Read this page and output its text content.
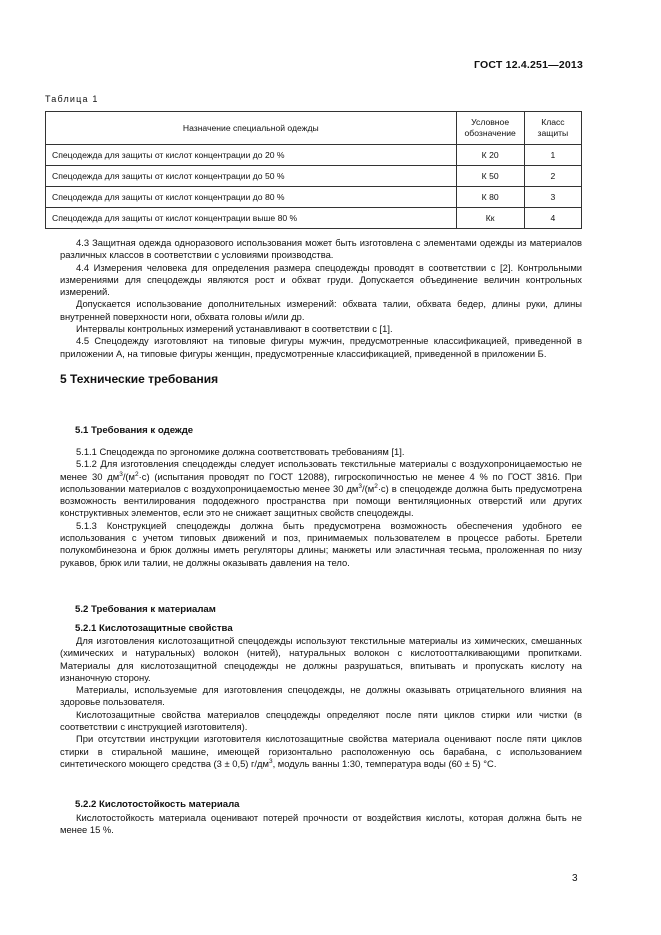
ГОСТ 12.4.251—2013
Таблица 1
Назначение специальной одежды	Условное обозначение	Класс защиты
Спецодежда для защиты от кислот концентрации до 20 %	К 20	1
Спецодежда для защиты от кислот концентрации до 50 %	К 50	2
Спецодежда для защиты от кислот концентрации до 80 %	К 80	3
Спецодежда для защиты от кислот концентрации выше 80 %	Кк	4

4.3 Защитная одежда одноразового использования может быть изготовлена с элементами одежды из материалов различных классов в соответствии с условиями производства.

4.4 Измерения человека для определения размера спецодежды проводят в соответствии с [2]. Контрольными измерениями для спецодежды являются рост и обхват груди. Допускается объединение величин контрольных измерений.

Допускается использование дополнительных измерений: обхвата талии, обхвата бедер, длины руки, длины внутренней поверхности ноги, обхвата головы и/или др.

Интервалы контрольных измерений устанавливают в соответствии с [1].

4.5 Спецодежду изготовляют на типовые фигуры мужчин, предусмотренные классификацией, приведенной в приложении А, на типовые фигуры женщин, предусмотренные классификацией, приведенной в приложении Б.

5 Технические требования
5.1 Требования к одежде

5.1.1 Спецодежда по эргономике должна соответствовать требованиям [1].

5.1.2 Для изготовления спецодежды следует использовать текстильные материалы с воздухопроницаемостью не менее 30 $дм^3/(м^2\cdot с)$ (испытания проводят по ГОСТ 12088), гигроскопичностью не менее 4 % по ГОСТ 3816. При использовании материалов с воздухопроницаемостью менее 30 $дм^3/(м^2\cdot с)$ в спецодежде должна быть предусмотрена возможность вентилирования пододежного пространства при помощи вентиляционных отверстий или других конструктивных элементов, если это не снижает защитных свойств спецодежды.

5.1.3 Конструкцией спецодежды должна быть предусмотрена возможность обеспечения удобного ее использования с учетом типовых движений и поз, принимаемых пользователем в процессе работы. Бретели полукомбинезона и брюк должны иметь регуляторы длины; манжеты или эластичная тесьма, проложенная по низу рукавов, брюк или талии, не должны оказывать давления на тело.

5.2 Требования к материалам
5.2.1 Кислотозащитные свойства

Для изготовления кислотозащитной спецодежды используют текстильные материалы из химических, смешанных (химических и натуральных) волокон (нитей), натуральных волокон с кислотоотталкивающими пропитками. Материалы для кислотозащитной спецодежды не должны разрушаться, впитывать и пропускать кислоту на изнаночную сторону.

Материалы, используемые для изготовления спецодежды, не должны оказывать отрицательного влияния на здоровье пользователя.

Кислотозащитные свойства материалов спецодежды определяют после пяти циклов стирки или чистки (в соответствии с инструкцией изготовителя).

При отсутствии инструкции изготовителя кислотозащитные свойства материала оценивают после пяти циклов стирки в стиральной машине, имеющей горизонтально расположенную ось барабана, с использованием синтетического моющего средства (3 ± 0,5) $г/дм^3$, модуль ванны 1:30, температура воды (60 ± 5) °С.

5.2.2 Кислотостойкость материала

Кислотостойкость материала оценивают потерей прочности от воздействия кислоты, которая должна быть не менее 15 %.

3
